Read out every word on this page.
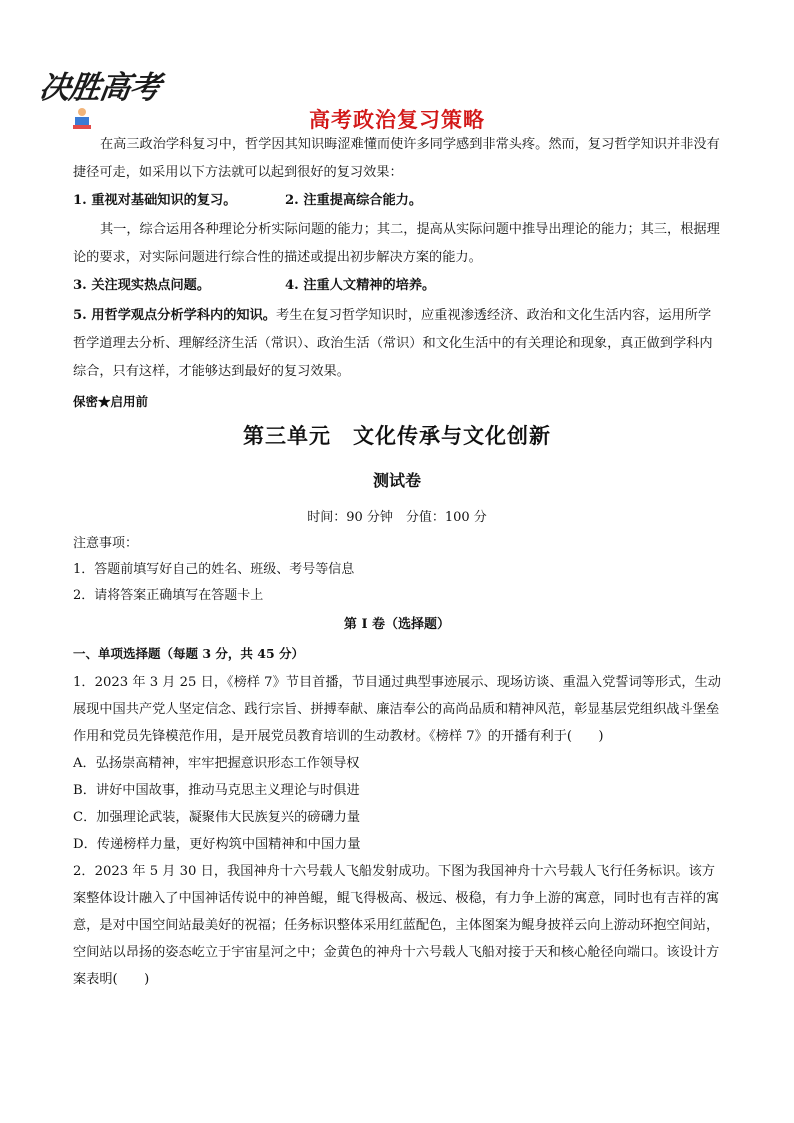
决胜高考
高考政治复习策略
在高三政治学科复习中，哲学因其知识晦涩难懂而使许多同学感到非常头疼。然而，复习哲学知识并非没有捷径可走，如采用以下方法就可以起到很好的复习效果：
1. 重视对基础知识的复习。	2. 注重提高综合能力。
其一，综合运用各种理论分析实际问题的能力；其二，提高从实际问题中推导出理论的能力；其三，根据理论的要求，对实际问题进行综合性的描述或提出初步解决方案的能力。
3. 关注现实热点问题。	4. 注重人文精神的培养。
5. 用哲学观点分析学科内的知识。考生在复习哲学知识时，应重视渗透经济、政治和文化生活内容，运用所学哲学道理去分析、理解经济生活（常识）、政治生活（常识）和文化生活中的有关理论和现象，真正做到学科内综合，只有这样，才能够达到最好的复习效果。
保密★启用前
第三单元　文化传承与文化创新
测试卷
时间：90 分钟　分值：100 分
注意事项：
1．答题前填写好自己的姓名、班级、考号等信息
2．请将答案正确填写在答题卡上
第 I 卷（选择题）
一、单项选择题（每题 3 分，共 45 分）
1．2023 年 3 月 25 日，《榜样 7》节目首播，节目通过典型事迹展示、现场访谈、重温入党誓词等形式，生动展现中国共产党人坚定信念、践行宗旨、拼搏奉献、廉洁奉公的高尚品质和精神风范，彰显基层党组织战斗堡垒作用和党员先锋模范作用，是开展党员教育培训的生动教材。《榜样 7》的开播有利于(　　)
A．弘扬崇高精神，牢牢把握意识形态工作领导权
B．讲好中国故事，推动马克思主义理论与时俱进
C．加强理论武装，凝聚伟大民族复兴的磅礴力量
D．传递榜样力量，更好构筑中国精神和中国力量
2．2023 年 5 月 30 日，我国神舟十六号载人飞船发射成功。下图为我国神舟十六号载人飞行任务标识。该方案整体设计融入了中国神话传说中的神兽鲲，鲲飞得极高、极远、极稳，有力争上游的寓意，同时也有吉祥的寓意，是对中国空间站最美好的祝福；任务标识整体采用红蓝配色，主体图案为鲲身披祥云向上游动环抱空间站，空间站以昂扬的姿态屹立于宇宙星河之中；金黄色的神舟十六号载人飞船对接于天和核心舱径向端口。该设计方案表明(　　)
